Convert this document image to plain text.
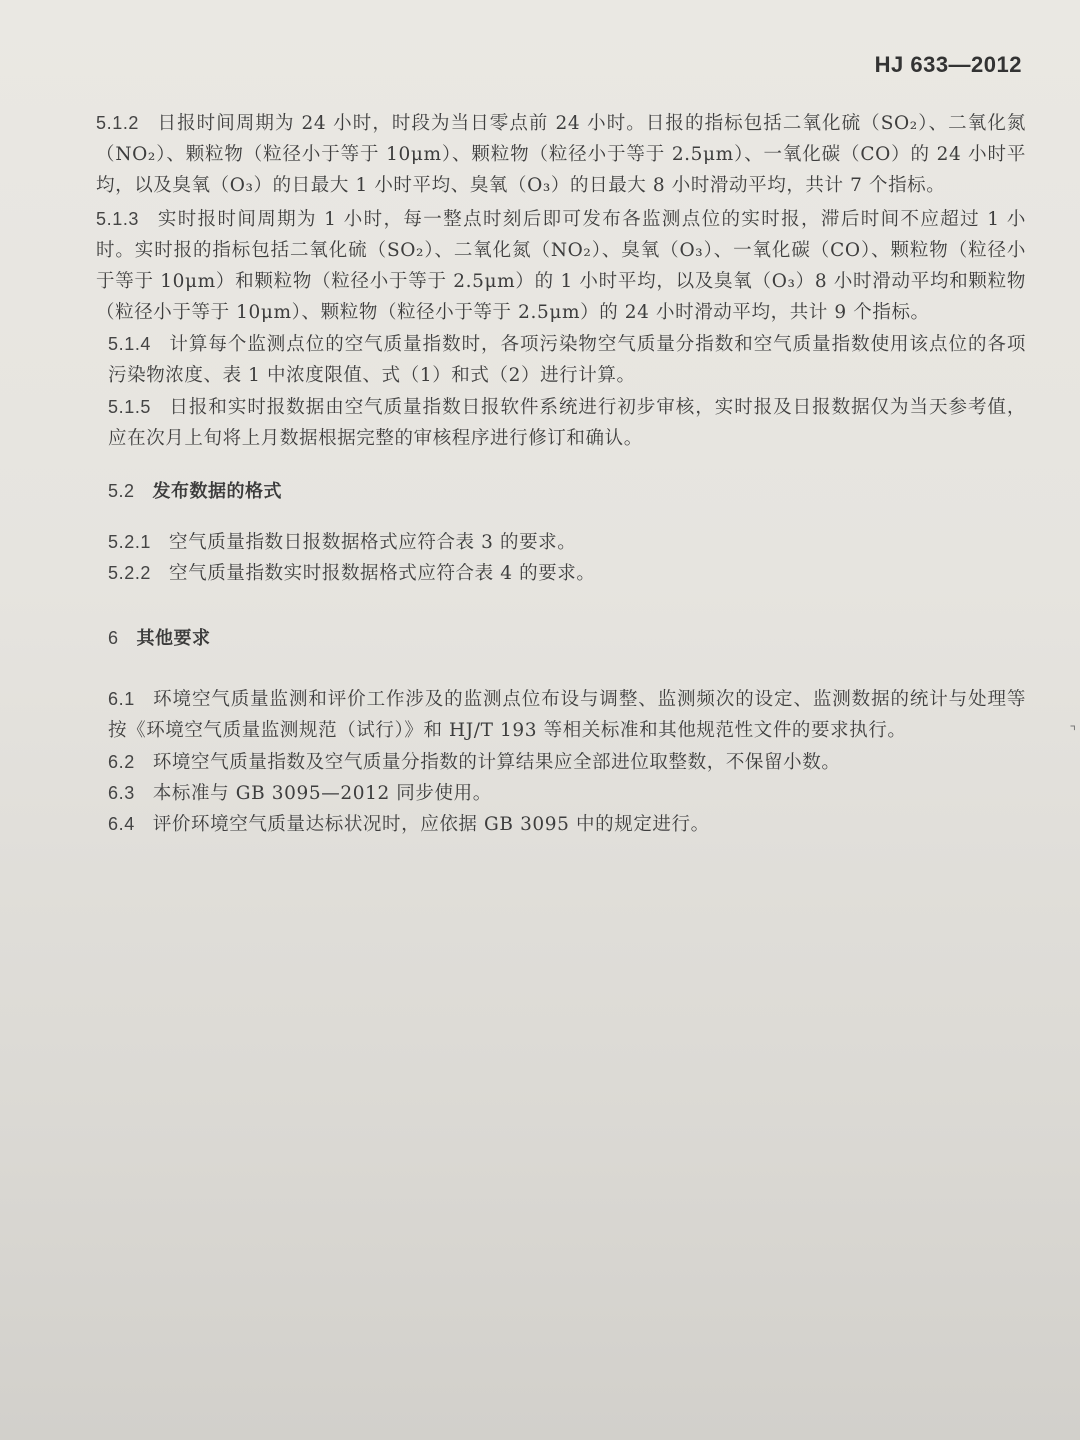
HJ 633—2012

5.1.2 日报时间周期为 24 小时，时段为当日零点前 24 小时。日报的指标包括二氧化硫（SO₂）、二氧化氮（NO₂）、颗粒物（粒径小于等于 10μm）、颗粒物（粒径小于等于 2.5μm）、一氧化碳（CO）的 24 小时平均，以及臭氧（O₃）的日最大 1 小时平均、臭氧（O₃）的日最大 8 小时滑动平均，共计 7 个指标。

5.1.3 实时报时间周期为 1 小时，每一整点时刻后即可发布各监测点位的实时报，滞后时间不应超过 1 小时。实时报的指标包括二氧化硫（SO₂）、二氧化氮（NO₂）、臭氧（O₃）、一氧化碳（CO）、颗粒物（粒径小于等于 10μm）和颗粒物（粒径小于等于 2.5μm）的 1 小时平均，以及臭氧（O₃）8 小时滑动平均和颗粒物（粒径小于等于 10μm）、颗粒物（粒径小于等于 2.5μm）的 24 小时滑动平均，共计 9 个指标。

5.1.4 计算每个监测点位的空气质量指数时，各项污染物空气质量分指数和空气质量指数使用该点位的各项污染物浓度、表 1 中浓度限值、式（1）和式（2）进行计算。

5.1.5 日报和实时报数据由空气质量指数日报软件系统进行初步审核，实时报及日报数据仅为当天参考值，应在次月上旬将上月数据根据完整的审核程序进行修订和确认。

5.2 发布数据的格式

5.2.1 空气质量指数日报数据格式应符合表 3 的要求。

5.2.2 空气质量指数实时报数据格式应符合表 4 的要求。

6 其他要求

6.1 环境空气质量监测和评价工作涉及的监测点位布设与调整、监测频次的设定、监测数据的统计与处理等按《环境空气质量监测规范（试行）》和 HJ/T 193 等相关标准和其他规范性文件的要求执行。

6.2 环境空气质量指数及空气质量分指数的计算结果应全部进位取整数，不保留小数。

6.3 本标准与 GB 3095—2012 同步使用。

6.4 评价环境空气质量达标状况时，应依据 GB 3095 中的规定进行。

⌝
